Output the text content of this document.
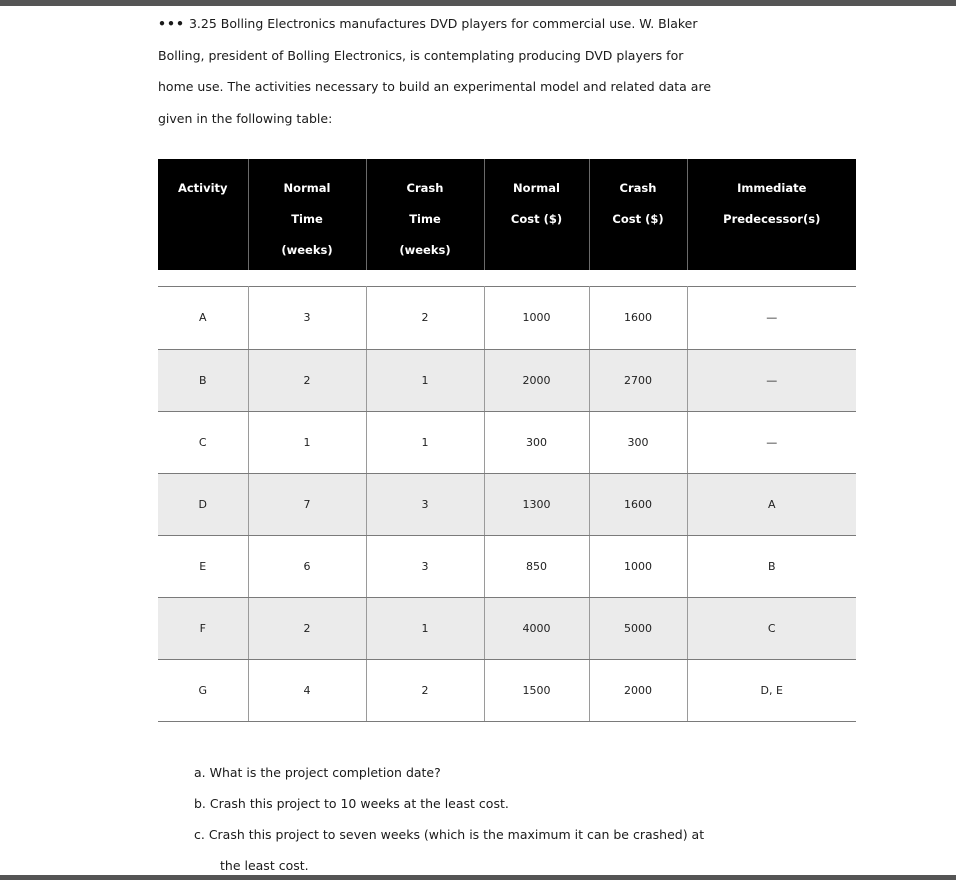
••• 3.25 Bolling Electronics manufactures DVD players for commercial use. W. Blaker
Bolling, president of Bolling Electronics, is contemplating producing DVD players for
home use. The activities necessary to build an experimental model and related data are
given in the following table:
Activity	Normal
Time
(weeks)	Crash
Time
(weeks)	Normal
Cost ($)	Crash
Cost ($)	Immediate
Predecessor(s)

A	3	2	1000	1600	—
B	2	1	2000	2700	—
C	1	1	300	300	—
D	7	3	1300	1600	A
E	6	3	850	1000	B
F	2	1	4000	5000	C
G	4	2	1500	2000	D, E
a. What is the project completion date?
b. Crash this project to 10 weeks at the least cost.
c. Crash this project to seven weeks (which is the maximum it can be crashed) at
the least cost.
